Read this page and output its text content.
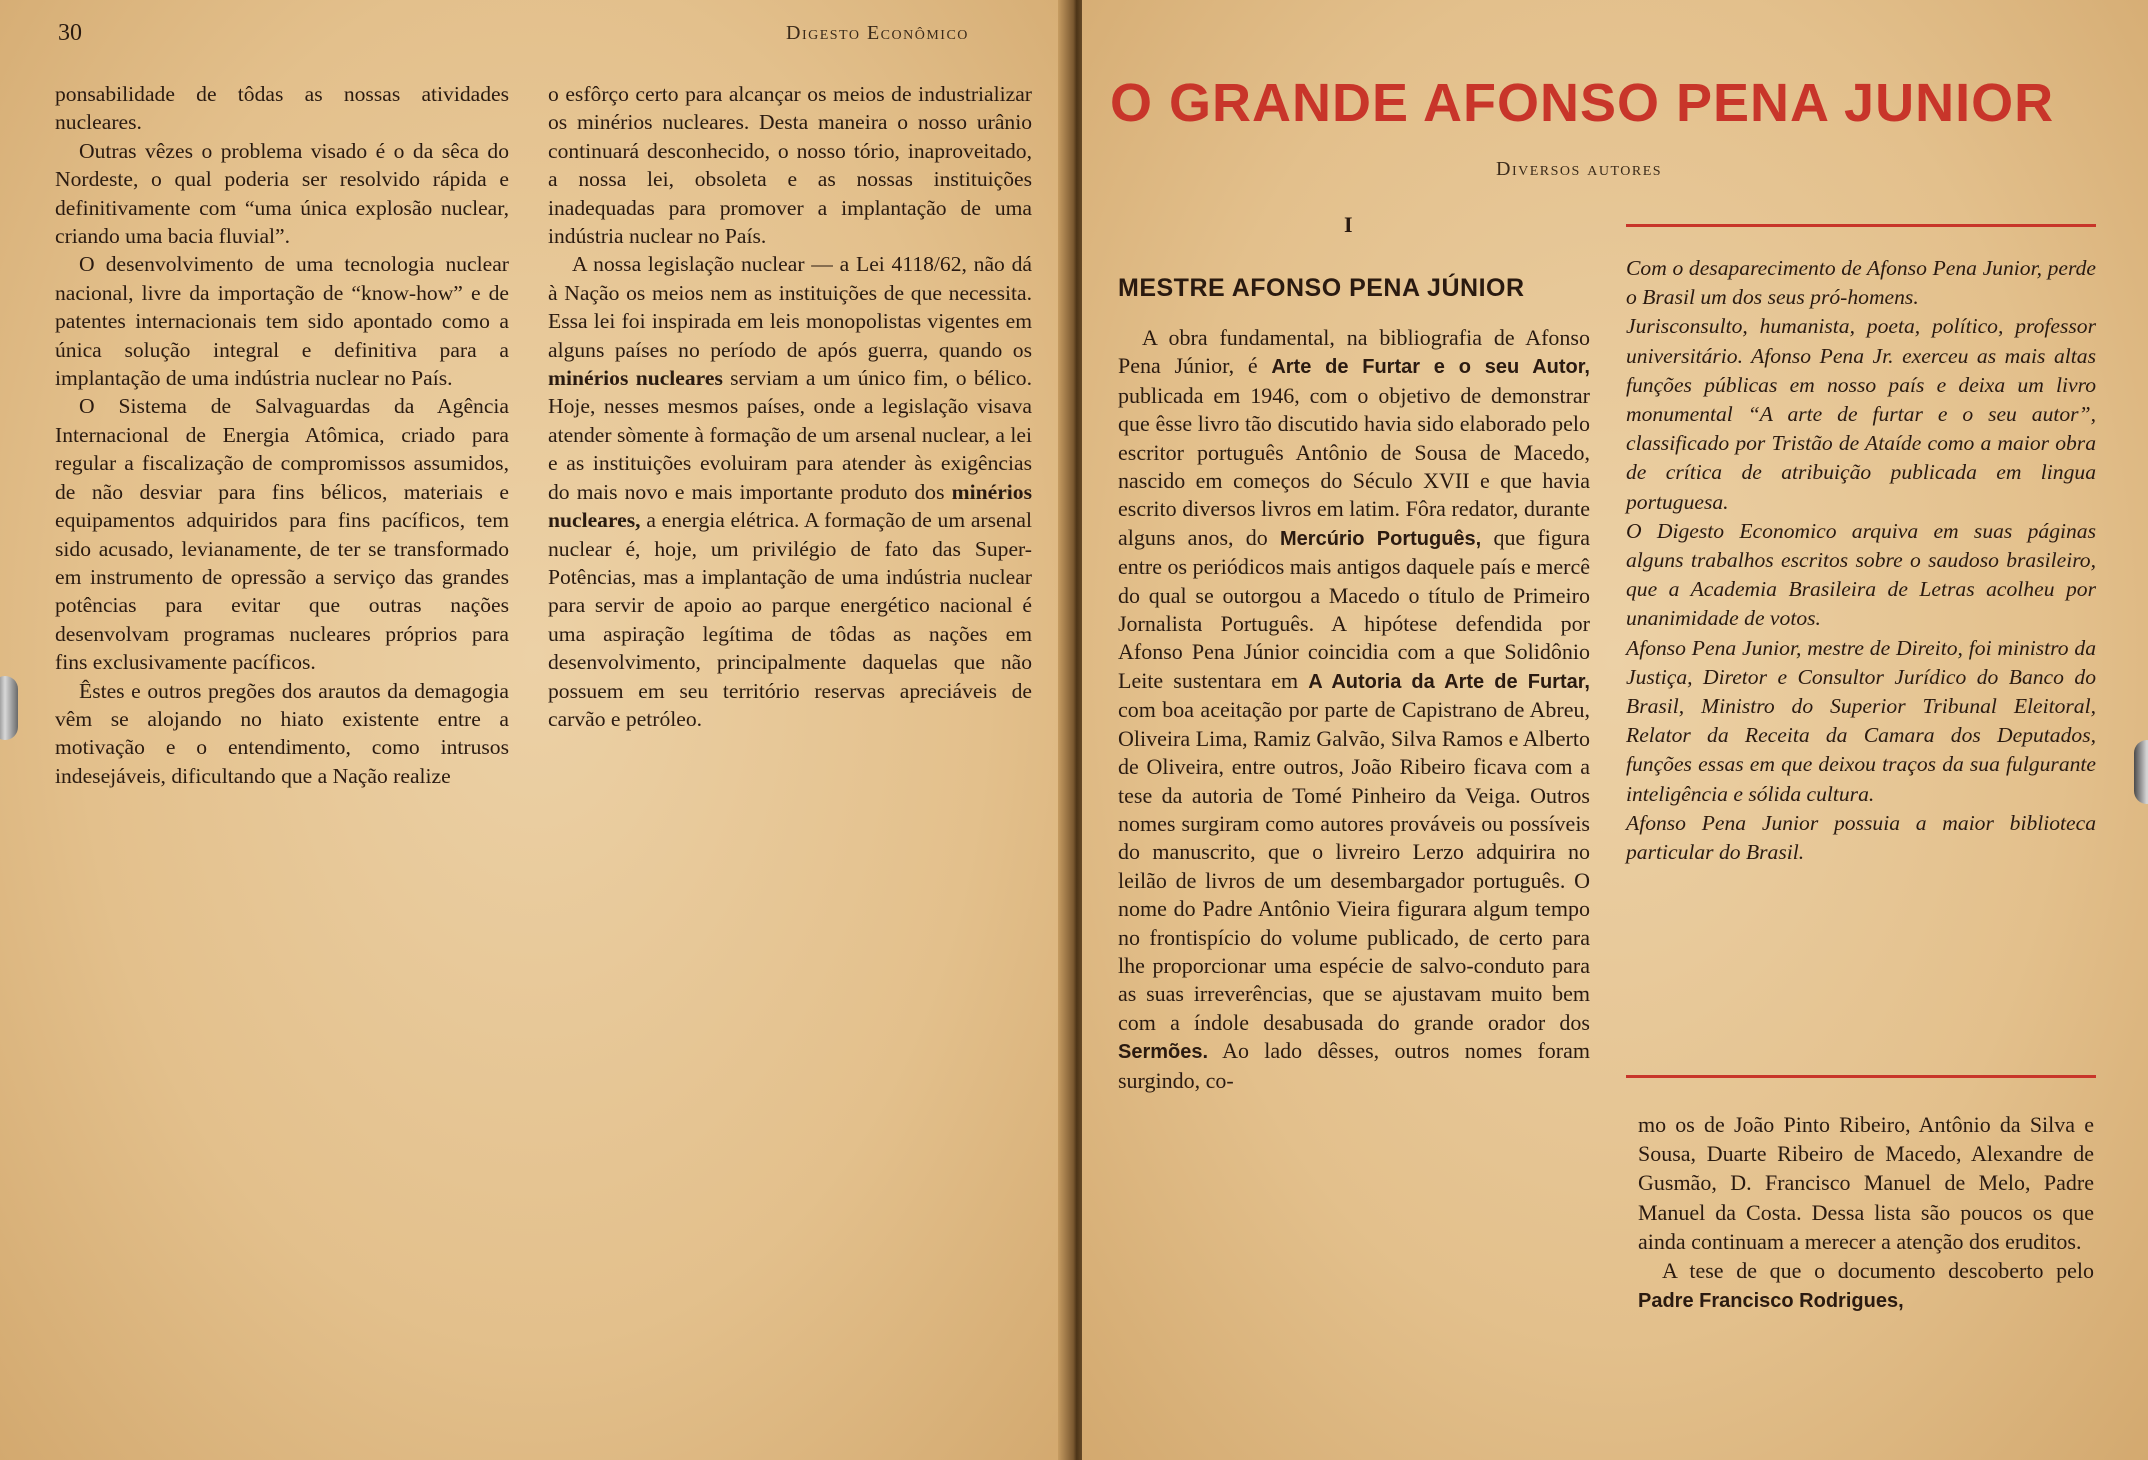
30	Digesto Econômico

ponsabilidade de tôdas as nossas atividades nucleares.

Outras vêzes o problema visado é o da sêca do Nordeste, o qual poderia ser resolvido rápida e definitivamente com “uma única explosão nuclear, criando uma bacia fluvial”.

O desenvolvimento de uma tecnologia nuclear nacional, livre da importação de “know-how” e de patentes internacionais tem sido apontado como a única solução integral e definitiva para a implantação de uma indústria nuclear no País.

O Sistema de Salvaguardas da Agência Internacional de Energia Atômica, criado para regular a fiscalização de compromissos assumidos, de não desviar para fins bélicos, materiais e equipamentos adquiridos para fins pacíficos, tem sido acusado, levianamente, de ter se transformado em instrumento de opressão a serviço das grandes potências para evitar que outras nações desenvolvam programas nucleares próprios para fins exclusivamente pacíficos.

Êstes e outros pregões dos arautos da demagogia vêm se alojando no hiato existente entre a motivação e o entendimento, como intrusos indesejáveis, dificultando que a Nação realize

o esfôrço certo para alcançar os meios de industrializar os minérios nucleares. Desta maneira o nosso urânio continuará desconhecido, o nosso tório, inaproveitado, a nossa lei, obsoleta e as nossas instituições inadequadas para promover a implantação de uma indústria nuclear no País.

A nossa legislação nuclear — a Lei 4118/62, não dá à Nação os meios nem as instituições de que necessita. Essa lei foi inspirada em leis monopolistas vigentes em alguns países no período de após guerra, quando os minérios nucleares serviam a um único fim, o bélico. Hoje, nesses mesmos países, onde a legislação visava atender sòmente à formação de um arsenal nuclear, a lei e as instituições evoluiram para atender às exigências do mais novo e mais importante produto dos minérios nucleares, a energia elétrica. A formação de um arsenal nuclear é, hoje, um privilégio de fato das Super-Potências, mas a implantação de uma indústria nuclear para servir de apoio ao parque energético nacional é uma aspiração legítima de tôdas as nações em desenvolvimento, principalmente daquelas que não possuem em seu território reservas apreciáveis de carvão e petróleo.

O GRANDE AFONSO PENA JUNIOR
Diversos autores
I
MESTRE AFONSO PENA JÚNIOR

A obra fundamental, na bibliografia de Afonso Pena Júnior, é Arte de Furtar e o seu Autor, publicada em 1946, com o objetivo de demonstrar que êsse livro tão discutido havia sido elaborado pelo escritor português Antônio de Sousa de Macedo, nascido em começos do Século XVII e que havia escrito diversos livros em latim. Fôra redator, durante alguns anos, do Mercúrio Português, que figura entre os periódicos mais antigos daquele país e mercê do qual se outorgou a Macedo o título de Primeiro Jornalista Português. A hipótese defendida por Afonso Pena Júnior coincidia com a que Solidônio Leite sustentara em A Autoria da Arte de Furtar, com boa aceitação por parte de Capistrano de Abreu, Oliveira Lima, Ramiz Galvão, Silva Ramos e Alberto de Oliveira, entre outros, João Ribeiro ficava com a tese da autoria de Tomé Pinheiro da Veiga. Outros nomes surgiram como autores prováveis ou possíveis do manuscrito, que o livreiro Lerzo adquirira no leilão de livros de um desembargador português. O nome do Padre Antônio Vieira figurara algum tempo no frontispício do volume publicado, de certo para lhe proporcionar uma espécie de salvo-conduto para as suas irreverências, que se ajustavam muito bem com a índole desabusada do grande orador dos Sermões. Ao lado dêsses, outros nomes foram surgindo, co-

Com o desaparecimento de Afonso Pena Junior, perde o Brasil um dos seus pró-homens.

Jurisconsulto, humanista, poeta, político, professor universitário. Afonso Pena Jr. exerceu as mais altas funções públicas em nosso país e deixa um livro monumental “A arte de furtar e o seu autor”, classificado por Tristão de Ataíde como a maior obra de crítica de atribuição publicada em lingua portuguesa.

O Digesto Economico arquiva em suas páginas alguns trabalhos escritos sobre o saudoso brasileiro, que a Academia Brasileira de Letras acolheu por unanimidade de votos.

Afonso Pena Junior, mestre de Direito, foi ministro da Justiça, Diretor e Consultor Jurídico do Banco do Brasil, Ministro do Superior Tribunal Eleitoral, Relator da Receita da Camara dos Deputados, funções essas em que deixou traços da sua fulgurante inteligência e sólida cultura.

Afonso Pena Junior possuia a maior biblioteca particular do Brasil.

mo os de João Pinto Ribeiro, Antônio da Silva e Sousa, Duarte Ribeiro de Macedo, Alexandre de Gusmão, D. Francisco Manuel de Melo, Padre Manuel da Costa. Dessa lista são poucos os que ainda continuam a merecer a atenção dos eruditos.

A tese de que o documento descoberto pelo Padre Francisco Rodrigues,
